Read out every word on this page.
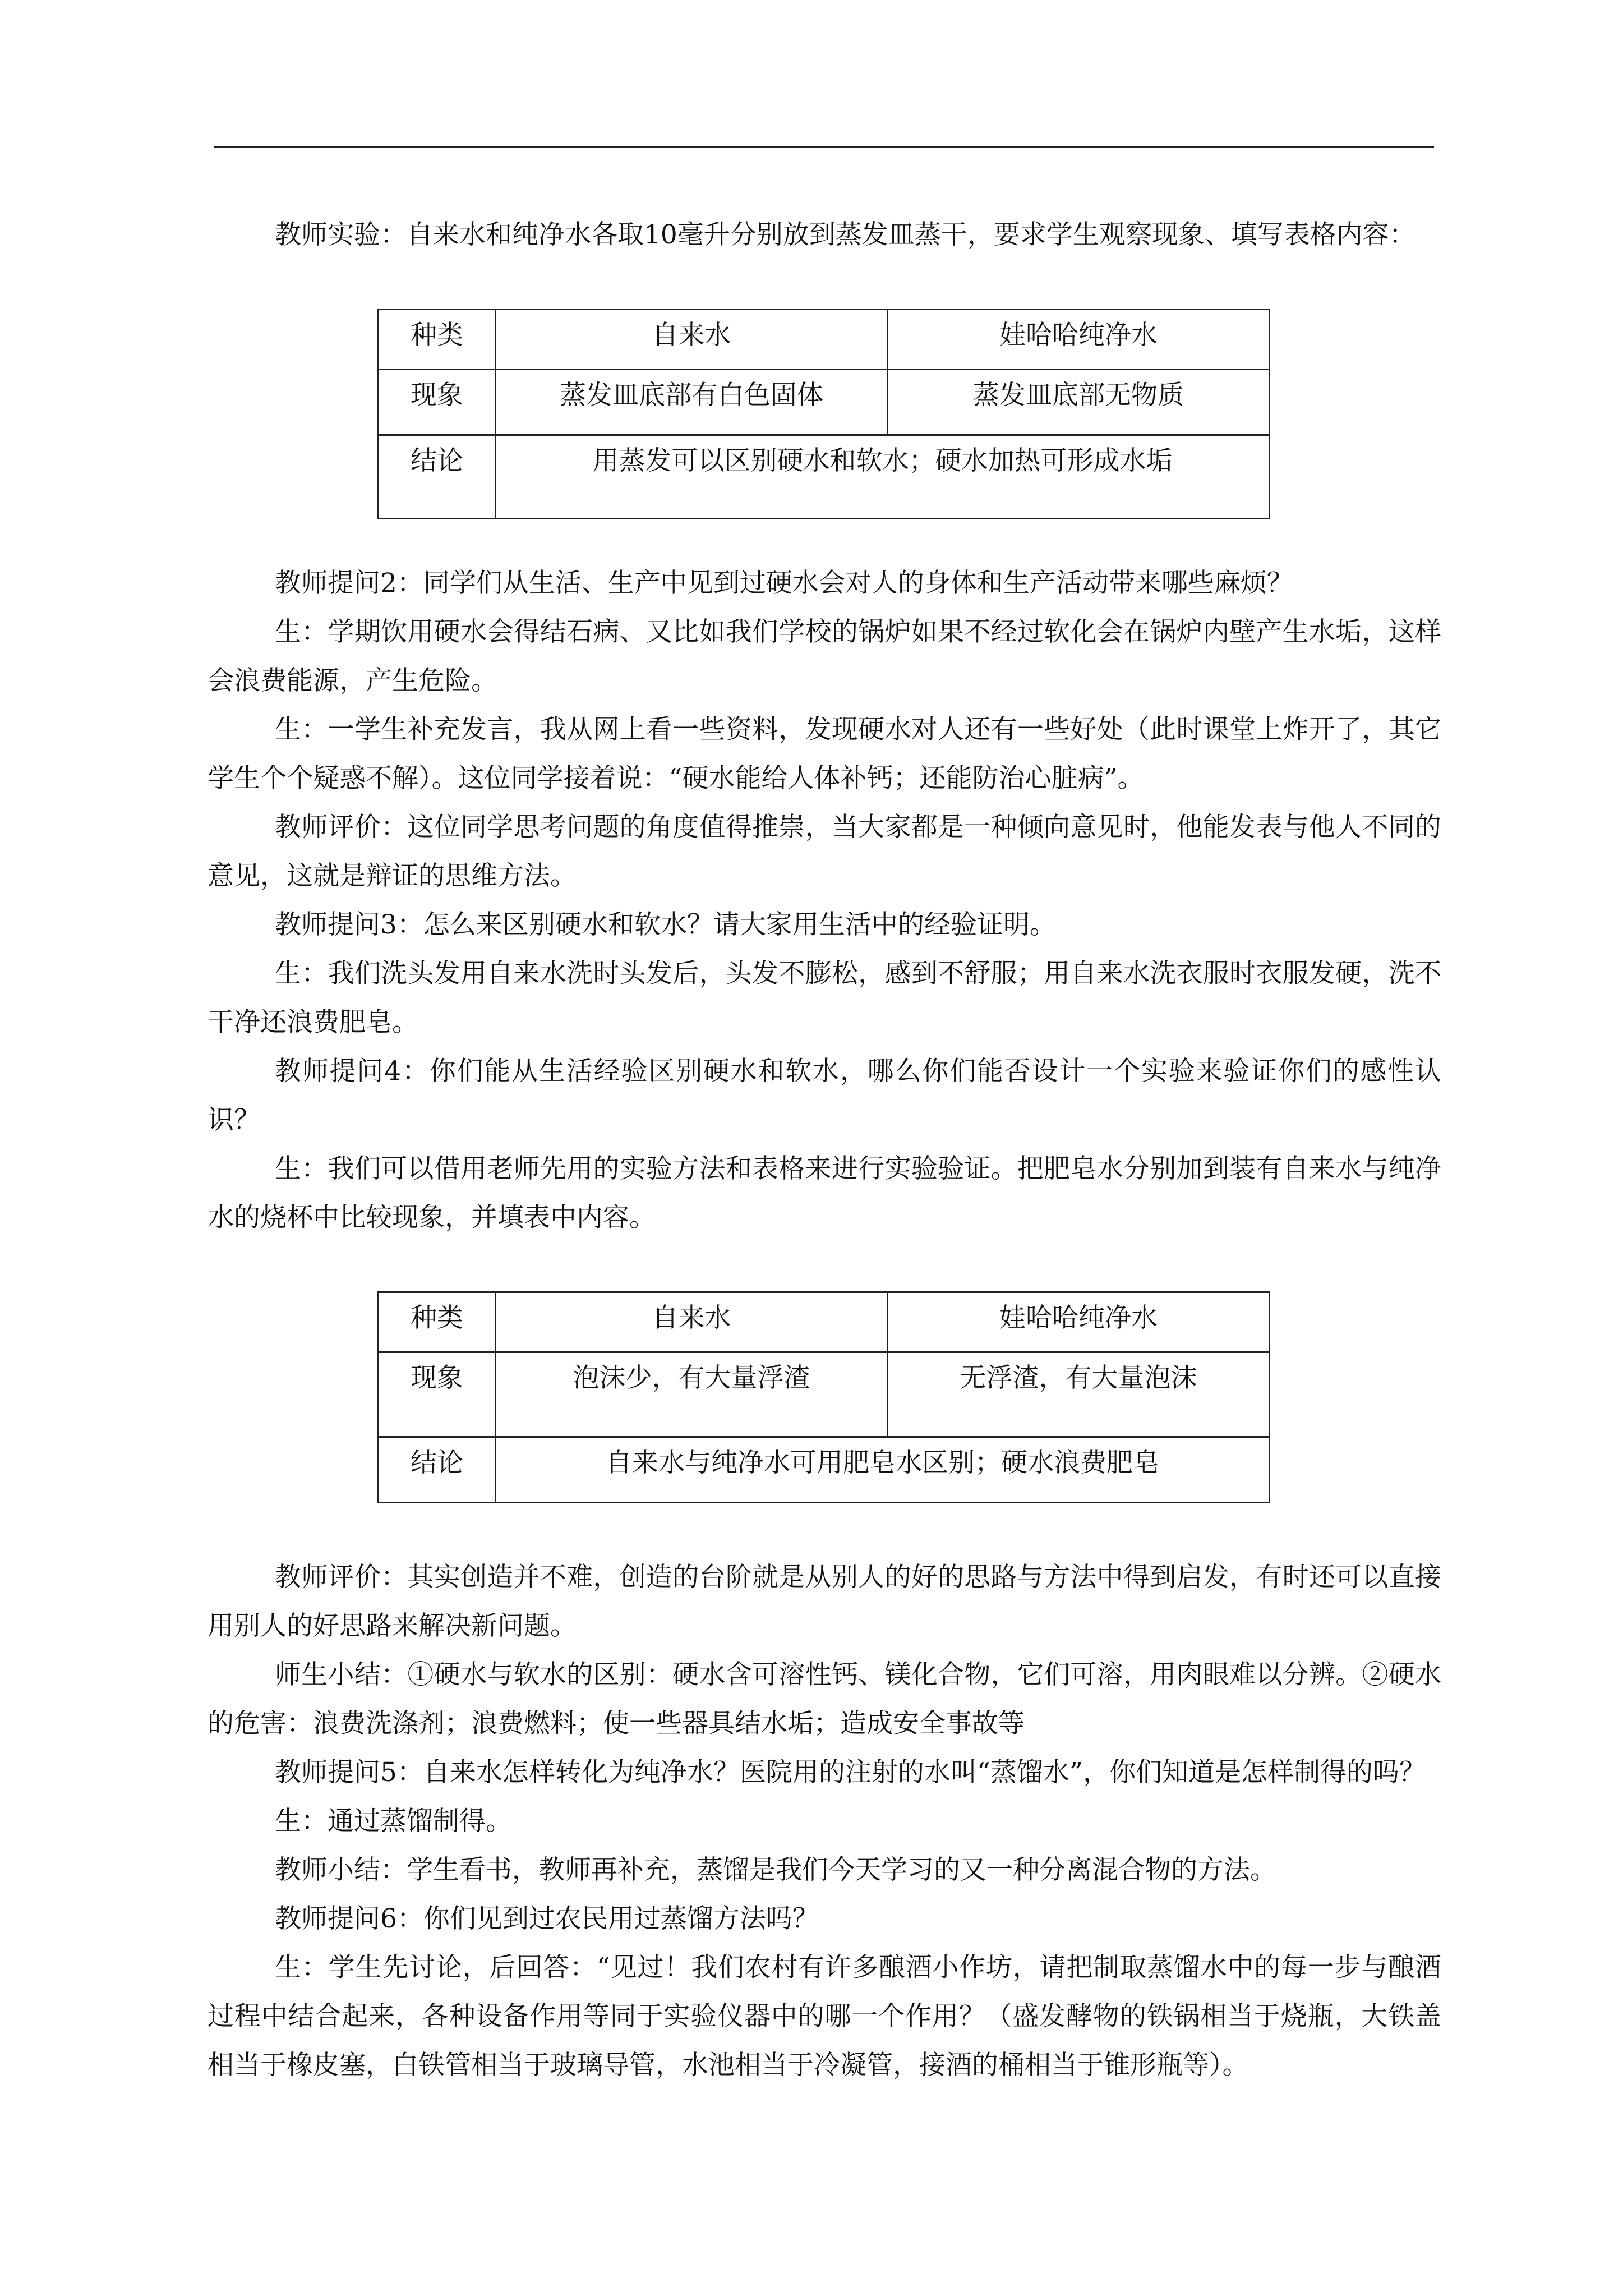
教师实验：自来水和纯净水各取10毫升分别放到蒸发皿蒸干，要求学生观察现象、填写表格内容：

种类	自来水	娃哈哈纯净水
现象	蒸发皿底部有白色固体	蒸发皿底部无物质
结论	用蒸发可以区别硬水和软水；硬水加热可形成水垢	

教师提问2：同学们从生活、生产中见到过硬水会对人的身体和生产活动带来哪些麻烦？

生：学期饮用硬水会得结石病、又比如我们学校的锅炉如果不经过软化会在锅炉内壁产生水垢，这样会浪费能源，产生危险。

生：一学生补充发言，我从网上看一些资料，发现硬水对人还有一些好处（此时课堂上炸开了，其它学生个个疑惑不解）。这位同学接着说：“硬水能给人体补钙；还能防治心脏病”。

教师评价：这位同学思考问题的角度值得推崇，当大家都是一种倾向意见时，他能发表与他人不同的意见，这就是辩证的思维方法。

教师提问3：怎么来区别硬水和软水？请大家用生活中的经验证明。

生：我们洗头发用自来水洗时头发后，头发不膨松，感到不舒服；用自来水洗衣服时衣服发硬，洗不干净还浪费肥皂。

教师提问4：你们能从生活经验区别硬水和软水，哪么你们能否设计一个实验来验证你们的感性认识？

生：我们可以借用老师先用的实验方法和表格来进行实验验证。把肥皂水分别加到装有自来水与纯净水的烧杯中比较现象，并填表中内容。

种类	自来水	娃哈哈纯净水
现象	泡沫少，有大量浮渣	无浮渣，有大量泡沫
结论	自来水与纯净水可用肥皂水区别；硬水浪费肥皂	

教师评价：其实创造并不难，创造的台阶就是从别人的好的思路与方法中得到启发，有时还可以直接用别人的好思路来解决新问题。

师生小结：①硬水与软水的区别：硬水含可溶性钙、镁化合物，它们可溶，用肉眼难以分辨。②硬水的危害：浪费洗涤剂；浪费燃料；使一些器具结水垢；造成安全事故等

教师提问5：自来水怎样转化为纯净水？医院用的注射的水叫“蒸馏水”，你们知道是怎样制得的吗？

生：通过蒸馏制得。

教师小结：学生看书，教师再补充，蒸馏是我们今天学习的又一种分离混合物的方法。

教师提问6：你们见到过农民用过蒸馏方法吗？

生：学生先讨论，后回答：“见过！我们农村有许多酿酒小作坊，请把制取蒸馏水中的每一步与酿酒过程中结合起来，各种设备作用等同于实验仪器中的哪一个作用？（盛发酵物的铁锅相当于烧瓶，大铁盖相当于橡皮塞，白铁管相当于玻璃导管，水池相当于冷凝管，接酒的桶相当于锥形瓶等）。
